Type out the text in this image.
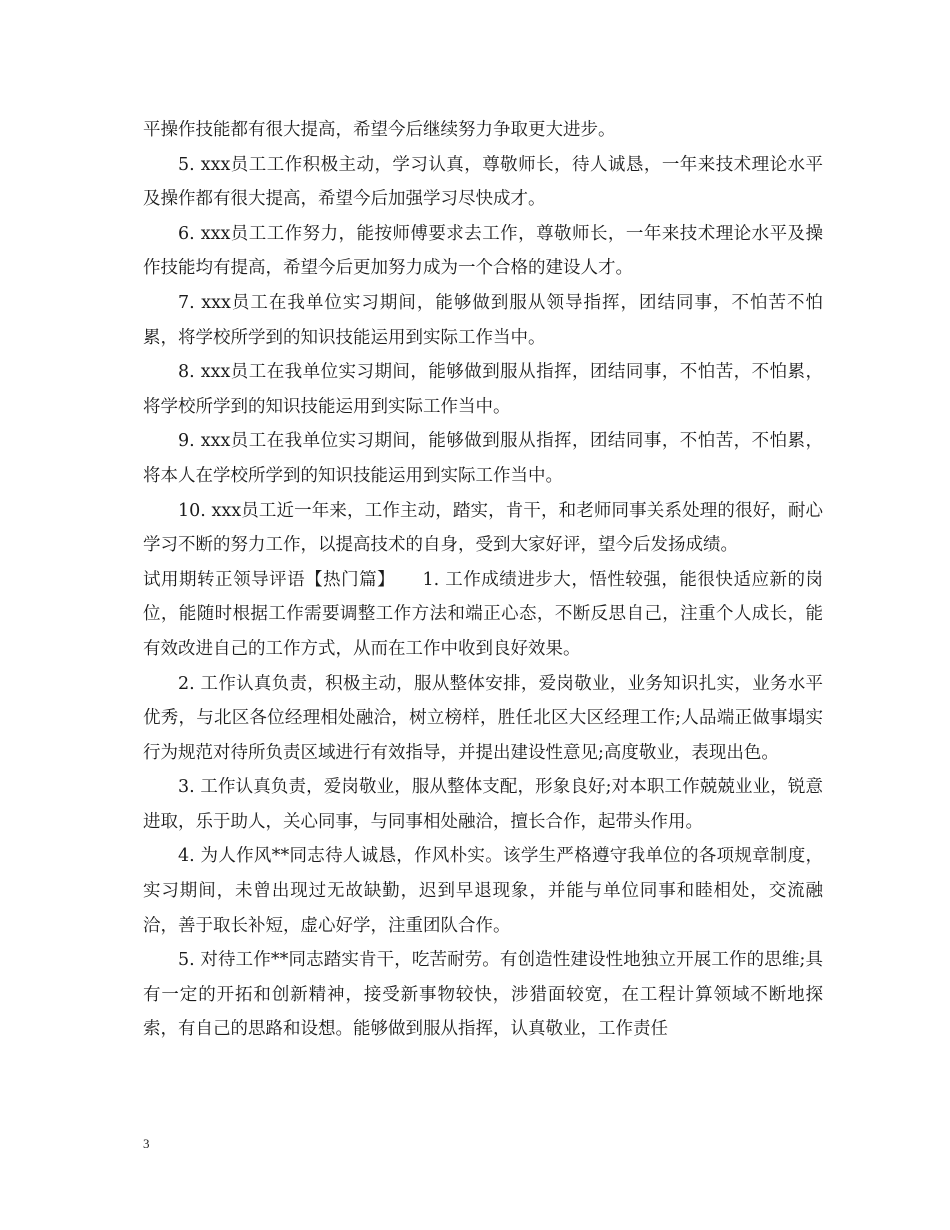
平操作技能都有很大提高，希望今后继续努力争取更大进步。

5. xxx员工工作积极主动，学习认真，尊敬师长，待人诚恳，一年来技术理论水平及操作都有很大提高，希望今后加强学习尽快成才。

6. xxx员工工作努力，能按师傅要求去工作，尊敬师长，一年来技术理论水平及操作技能均有提高，希望今后更加努力成为一个合格的建设人才。

7. xxx员工在我单位实习期间，能够做到服从领导指挥，团结同事，不怕苦不怕累，将学校所学到的知识技能运用到实际工作当中。

8. xxx员工在我单位实习期间，能够做到服从指挥，团结同事，不怕苦，不怕累，将学校所学到的知识技能运用到实际工作当中。

9. xxx员工在我单位实习期间，能够做到服从指挥，团结同事，不怕苦，不怕累，将本人在学校所学到的知识技能运用到实际工作当中。

10. xxx员工近一年来，工作主动，踏实，肯干，和老师同事关系处理的很好，耐心学习不断的努力工作，以提高技术的自身，受到大家好评，望今后发扬成绩。

试用期转正领导评语【热门篇】　　1. 工作成绩进步大，悟性较强，能很快适应新的岗位，能随时根据工作需要调整工作方法和端正心态，不断反思自己，注重个人成长，能有效改进自己的工作方式，从而在工作中收到良好效果。

2. 工作认真负责，积极主动，服从整体安排，爱岗敬业，业务知识扎实，业务水平优秀，与北区各位经理相处融洽，树立榜样，胜任北区大区经理工作;人品端正做事塌实行为规范对待所负责区域进行有效指导，并提出建设性意见;高度敬业，表现出色。

3. 工作认真负责，爱岗敬业，服从整体支配，形象良好;对本职工作兢兢业业，锐意进取，乐于助人，关心同事，与同事相处融洽，擅长合作，起带头作用。

4. 为人作风**同志待人诚恳，作风朴实。该学生严格遵守我单位的各项规章制度，实习期间，未曾出现过无故缺勤，迟到早退现象，并能与单位同事和睦相处，交流融洽，善于取长补短，虚心好学，注重团队合作。

5. 对待工作**同志踏实肯干，吃苦耐劳。有创造性建设性地独立开展工作的思维;具有一定的开拓和创新精神，接受新事物较快，涉猎面较宽，在工程计算领域不断地探索，有自己的思路和设想。能够做到服从指挥，认真敬业，工作责任

3
